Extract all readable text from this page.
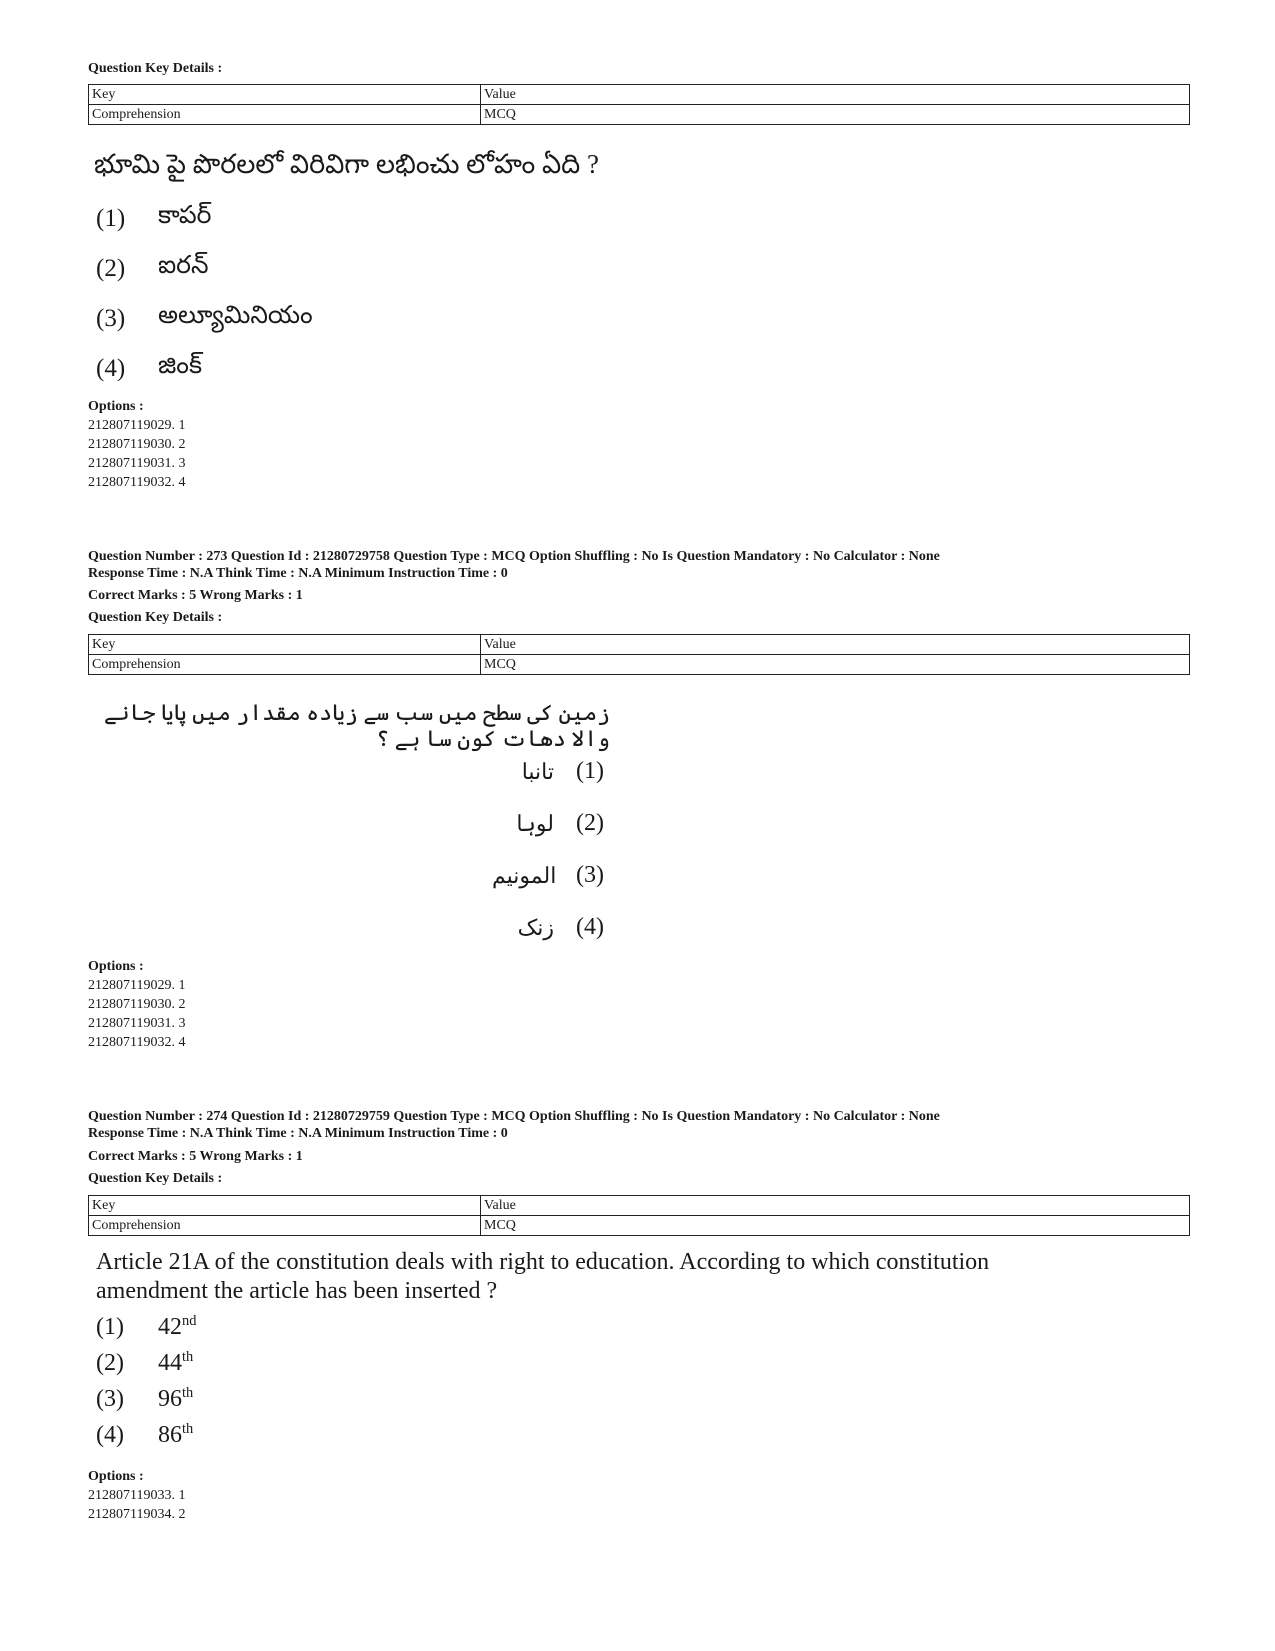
Question Key Details :
Key	Value
Comprehension	MCQ
భూమి పై పొరలలో విరివిగా లభించు లోహం ఏది ?
(1)	కాపర్
(2)	ఐరన్
(3)	అల్యూమినియం
(4)	జింక్
Options :
212807119029. 1
212807119030. 2
212807119031. 3
212807119032. 4
Question Number : 273 Question Id : 21280729758 Question Type : MCQ Option Shuffling : No Is Question Mandatory : No Calculator : None
Response Time : N.A Think Time : N.A Minimum Instruction Time : 0
Correct Marks : 5 Wrong Marks : 1
Question Key Details :
Key	Value
Comprehension	MCQ
زمین کی سطح میں سب سے زیادہ مقدار میں پایا جانے والا دھات کون سا ہے ؟
تانبا (1)
لوہا (2)
المونیم (3)
زنک (4)
Options :
212807119029. 1
212807119030. 2
212807119031. 3
212807119032. 4
Question Number : 274 Question Id : 21280729759 Question Type : MCQ Option Shuffling : No Is Question Mandatory : No Calculator : None
Response Time : N.A Think Time : N.A Minimum Instruction Time : 0
Correct Marks : 5 Wrong Marks : 1
Question Key Details :
Key	Value
Comprehension	MCQ
Article 21A of the constitution deals with right to education. According to which constitution
amendment the article has been inserted ?
(1)	42nd
(2)	44th
(3)	96th
(4)	86th
Options :
212807119033. 1
212807119034. 2
